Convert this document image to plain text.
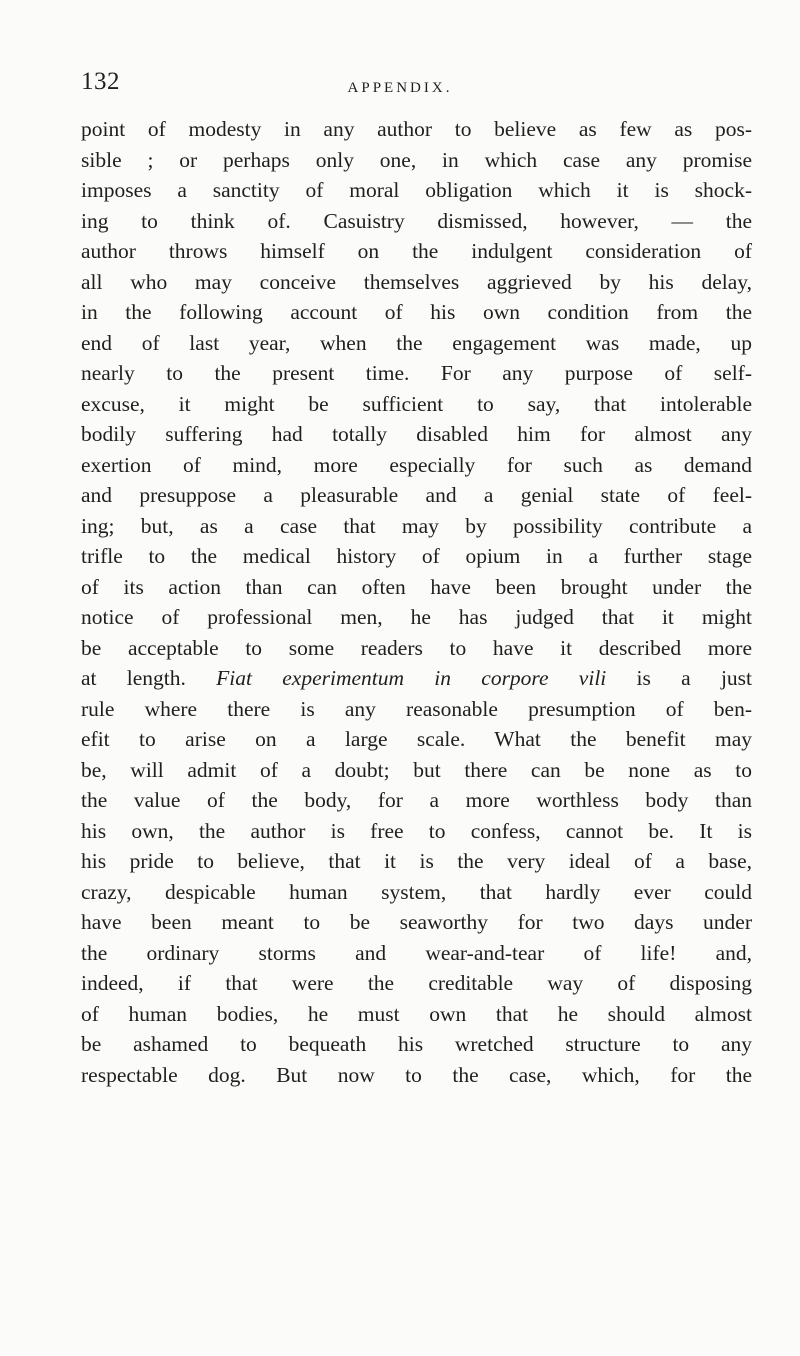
132	APPENDIX.
point of modesty in any author to believe as few as pos-
sible ; or perhaps only one, in which case any promise
imposes a sanctity of moral obligation which it is shock-
ing to think of. Casuistry dismissed, however, — the
author throws himself on the indulgent consideration of
all who may conceive themselves aggrieved by his delay,
in the following account of his own condition from the
end of last year, when the engagement was made, up
nearly to the present time. For any purpose of self-
excuse, it might be sufficient to say, that intolerable
bodily suffering had totally disabled him for almost any
exertion of mind, more especially for such as demand
and presuppose a pleasurable and a genial state of feel-
ing; but, as a case that may by possibility contribute a
trifle to the medical history of opium in a further stage
of its action than can often have been brought under the
notice of professional men, he has judged that it might
be acceptable to some readers to have it described more
at length. Fiat experimentum in corpore vili is a just
rule where there is any reasonable presumption of ben-
efit to arise on a large scale. What the benefit may
be, will admit of a doubt; but there can be none as to
the value of the body, for a more worthless body than
his own, the author is free to confess, cannot be. It is
his pride to believe, that it is the very ideal of a base,
crazy, despicable human system, that hardly ever could
have been meant to be seaworthy for two days under
the ordinary storms and wear-and-tear of life! and,
indeed, if that were the creditable way of disposing
of human bodies, he must own that he should almost
be ashamed to bequeath his wretched structure to any
respectable dog. But now to the case, which, for the
